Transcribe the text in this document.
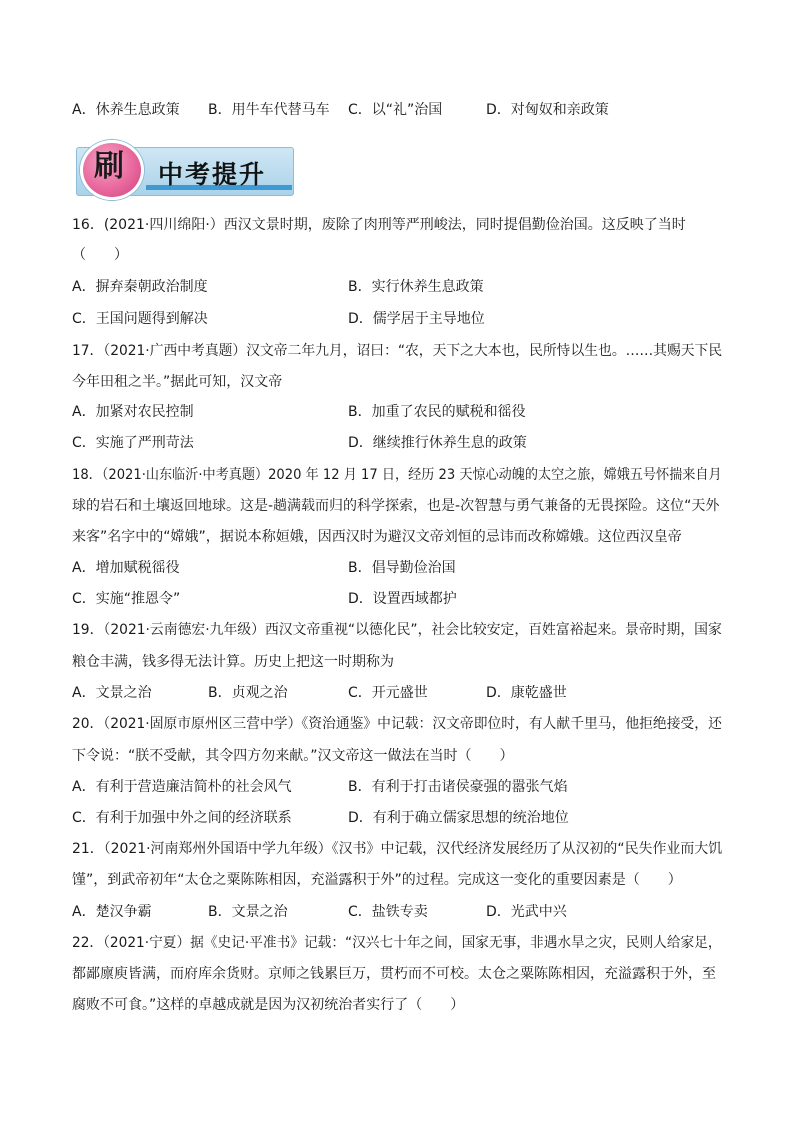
A．休养生息政策 B．用牛车代替马车 C．以“礼”治国	D．对匈奴和亲政策
刷	中考提升
16．(2021·四川绵阳·）西汉文景时期，废除了肉刑等严刑峻法，同时提倡勤俭治国。这反映了当时
（　　）
A．摒弃秦朝政治制度	B．实行休养生息政策
C．王国问题得到解决	D．儒学居于主导地位
17．（2021·广西中考真题）汉文帝二年九月，诏曰：“农，天下之大本也，民所恃以生也。……其赐天下民
今年田租之半。”据此可知，汉文帝
A．加紧对农民控制	B．加重了农民的赋税和徭役
C．实施了严刑苛法	D．继续推行休养生息的政策
18．（2021·山东临沂·中考真题）2020 年 12 月 17 日，经历 23 天惊心动魄的太空之旅，嫦娥五号怀揣来自月
球的岩石和土壤返回地球。这是-趟满载而归的科学探索，也是-次智慧与勇气兼备的无畏探险。这位“天外
来客”名字中的“嫦娥”，据说本称姮娥，因西汉时为避汉文帝刘恒的忌讳而改称嫦娥。这位西汉皇帝
A．增加赋税徭役	B．倡导勤俭治国
C．实施“推恩令”	D．设置西域都护
19．（2021·云南德宏·九年级）西汉文帝重视“以德化民”，社会比较安定，百姓富裕起来。景帝时期，国家
粮仓丰满，钱多得无法计算。历史上把这一时期称为
A．文景之治	B．贞观之治	C．开元盛世	D．康乾盛世
20．（2021·固原市原州区三营中学）《资治通鉴》中记载：汉文帝即位时，有人献千里马，他拒绝接受，还
下令说：“朕不受献，其令四方勿来献。”汉文帝这一做法在当时（　　）
A．有利于营造廉洁简朴的社会风气	B．有利于打击诸侯豪强的嚣张气焰
C．有利于加强中外之间的经济联系	D．有利于确立儒家思想的统治地位
21．（2021·河南郑州外国语中学九年级）《汉书》中记载，汉代经济发展经历了从汉初的“民失作业而大饥
馑”，到武帝初年“太仓之粟陈陈相因，充溢露积于外”的过程。完成这一变化的重要因素是（　　）
A．楚汉争霸	B．文景之治	C．盐铁专卖	D．光武中兴
22．（2021·宁夏）据《史记·平准书》记载：“汉兴七十年之间，国家无事，非遇水旱之灾，民则人给家足，
都鄙廪庾皆满，而府库余货财。京师之钱累巨万，贯朽而不可校。太仓之粟陈陈相因，充溢露积于外，至
腐败不可食。”这样的卓越成就是因为汉初统治者实行了（　　）
